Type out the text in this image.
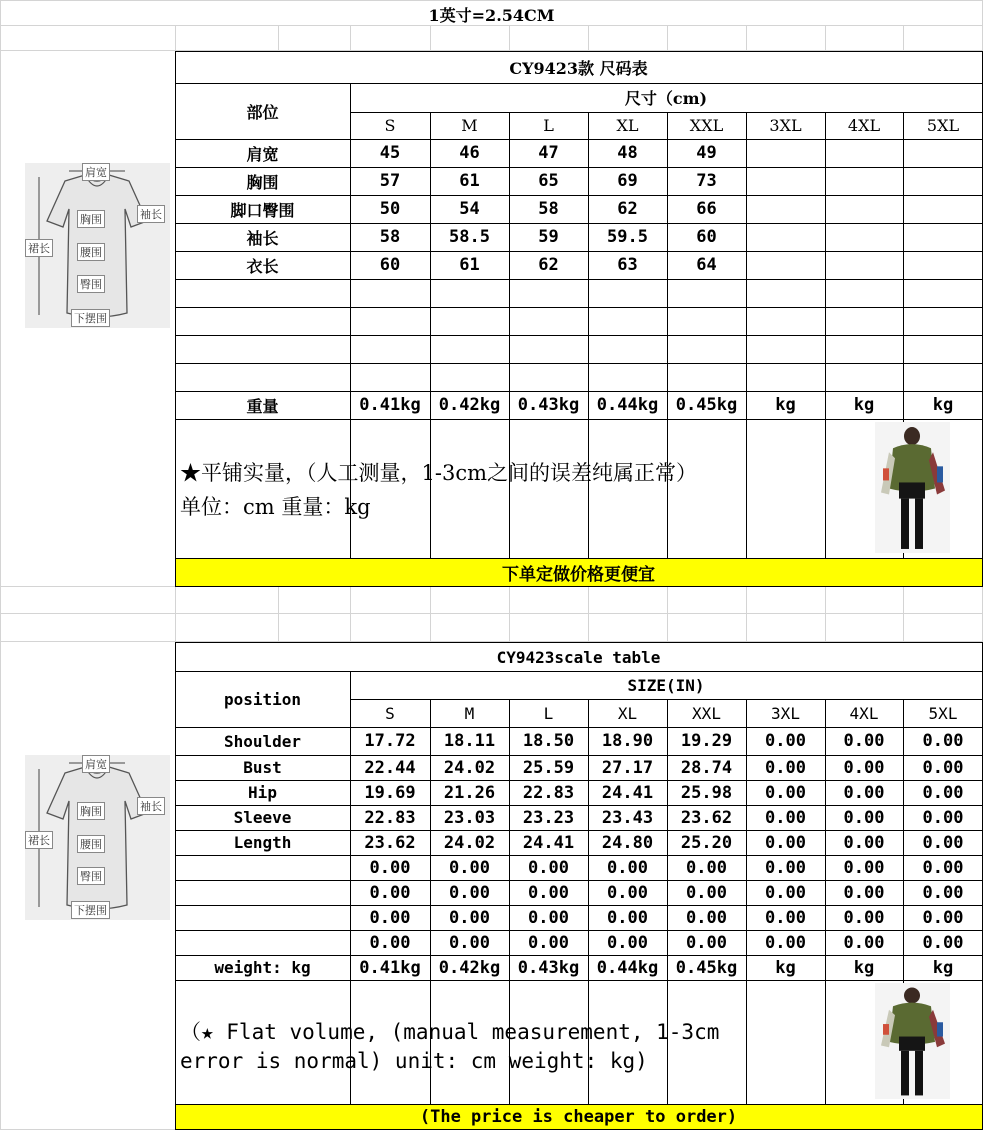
1英寸=2.54CM
CY9423款 尺码表
部位
尺寸（cm)
S	M	L	XL	XXL	3XL	4XL	5XL
肩宽	45	46	47	48	49
胸围	57	61	65	69	73
脚口臀围	50	54	58	62	66
袖长	58	58.5	59	59.5	60
衣长	60	61	62	63	64
重量	0.41kg	0.42kg	0.43kg	0.44kg	0.45kg	kg	kg	kg
★平铺实量，（人工测量，1-3cm之间的误差纯属正常）
单位：cm 重量：kg
下单定做价格更便宜
CY9423scale table
position
SIZE(IN)
S	M	L	XL	XXL	3XL	4XL	5XL
Shoulder	17.72	18.11	18.50	18.90	19.29	0.00	0.00	0.00
Bust	22.44	24.02	25.59	27.17	28.74	0.00	0.00	0.00
Hip	19.69	21.26	22.83	24.41	25.98	0.00	0.00	0.00
Sleeve	22.83	23.03	23.23	23.43	23.62	0.00	0.00	0.00
Length	23.62	24.02	24.41	24.80	25.20	0.00	0.00	0.00
0.00	0.00	0.00	0.00	0.00	0.00	0.00	0.00
0.00	0.00	0.00	0.00	0.00	0.00	0.00	0.00
0.00	0.00	0.00	0.00	0.00	0.00	0.00	0.00
0.00	0.00	0.00	0.00	0.00	0.00	0.00	0.00
weight: kg	0.41kg	0.42kg	0.43kg	0.44kg	0.45kg	kg	kg	kg
（★ Flat volume, (manual measurement, 1-3cm
error is normal) unit: cm weight: kg)
(The price is cheaper to order)
肩宽
袖长
胸围
裙长	腰围
臀围
下摆围
肩宽
袖长
胸围
裙长	腰围
臀围
下摆围
